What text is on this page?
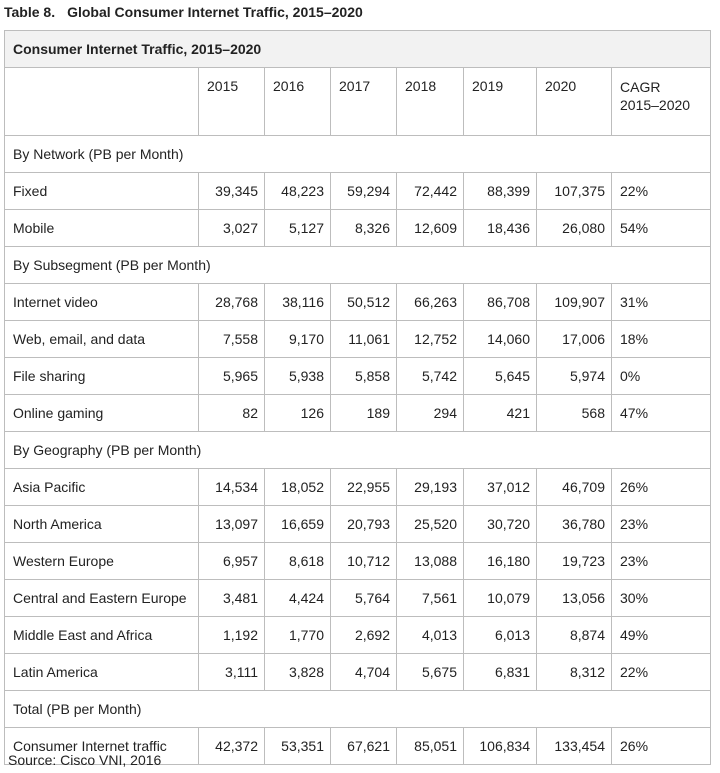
Table 8. Global Consumer Internet Traffic, 2015–2020
Consumer Internet Traffic, 2015–2020							
	2015	2016	2017	2018	2019	2020	CAGR
2015–2020

By Network (PB per Month)							
Fixed	39,345	48,223	59,294	72,442	88,399	107,375	22%
Mobile	3,027	5,127	8,326	12,609	18,436	26,080	54%
By Subsegment (PB per Month)							
Internet video	28,768	38,116	50,512	66,263	86,708	109,907	31%
Web, email, and data	7,558	9,170	11,061	12,752	14,060	17,006	18%
File sharing	5,965	5,938	5,858	5,742	5,645	5,974	0%
Online gaming	82	126	189	294	421	568	47%
By Geography (PB per Month)							
Asia Pacific	14,534	18,052	22,955	29,193	37,012	46,709	26%
North America	13,097	16,659	20,793	25,520	30,720	36,780	23%
Western Europe	6,957	8,618	10,712	13,088	16,180	19,723	23%
Central and Eastern Europe	3,481	4,424	5,764	7,561	10,079	13,056	30%
Middle East and Africa	1,192	1,770	2,692	4,013	6,013	8,874	49%
Latin America	3,111	3,828	4,704	5,675	6,831	8,312	22%
Total (PB per Month)							
Consumer Internet traffic	42,372	53,351	67,621	85,051	106,834	133,454	26%
Source: Cisco VNI, 2016
